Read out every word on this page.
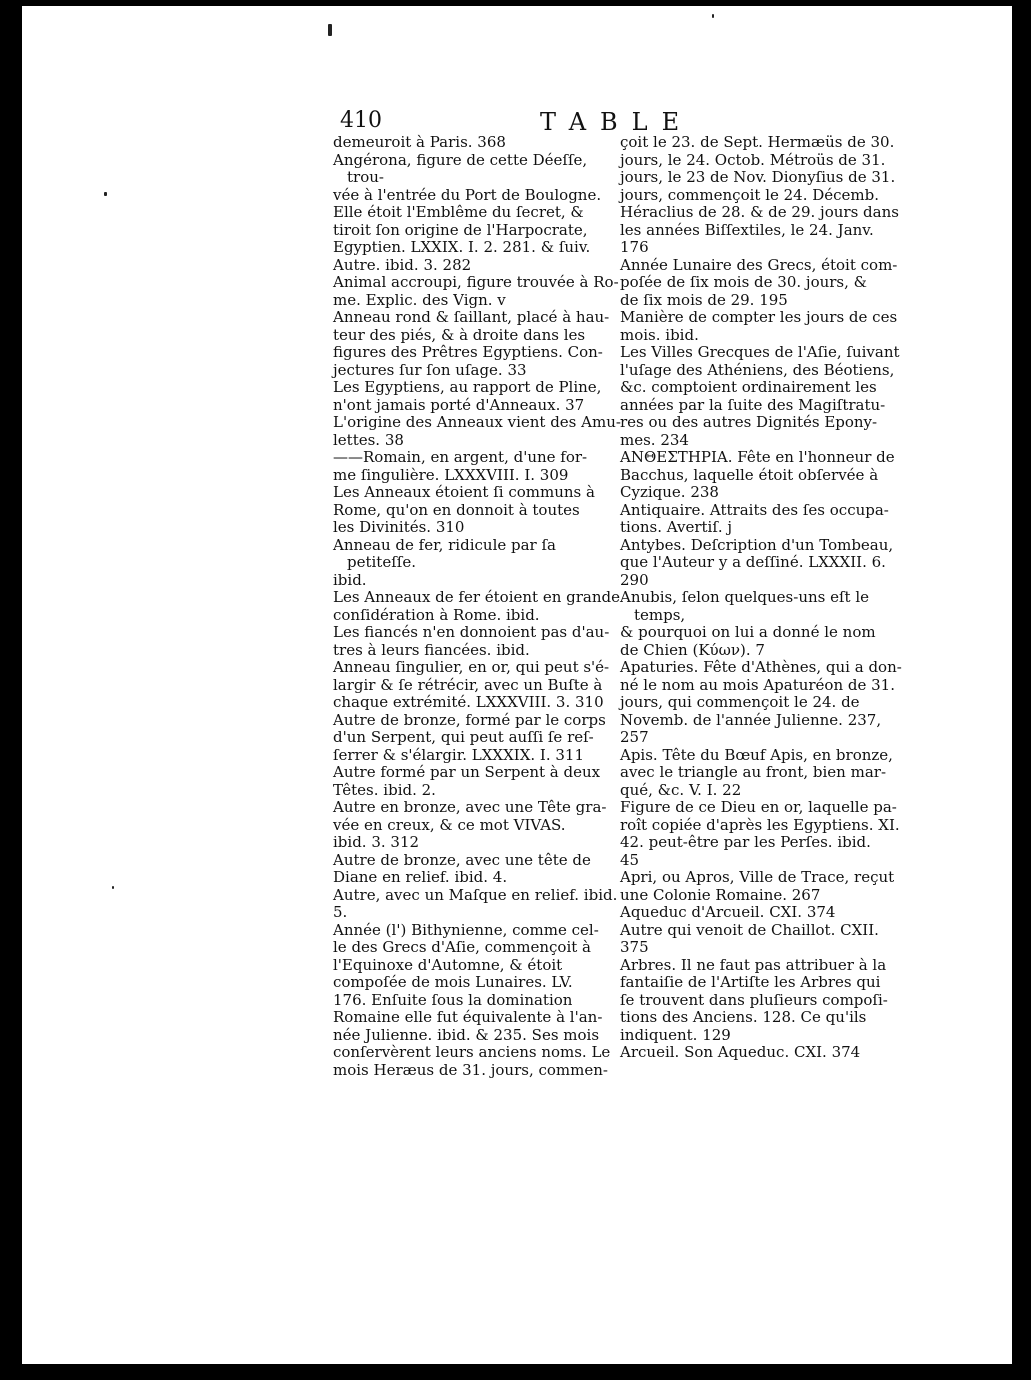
410	TABLE
demeuroit à Paris. 368
Angérona, figure de cette Déeſſe, trou-
vée à l'entrée du Port de Boulogne.
Elle étoit l'Emblême du ſecret, &
tiroit ſon origine de l'Harpocrate,
Egyptien. LXXIX. I. 2. 281. & ſuiv.
Autre. ibid. 3. 282
Animal accroupi, figure trouvée à Ro-
me. Explic. des Vign. v
Anneau rond & ſaillant, placé à hau-
teur des piés, & à droite dans les
figures des Prêtres Egyptiens. Con-
jectures ſur ſon uſage. 33
Les Egyptiens, au rapport de Pline,
n'ont jamais porté d'Anneaux. 37
L'origine des Anneaux vient des Amu-
lettes. 38
——Romain, en argent, d'une for-
me ſingulière. LXXXVIII. I. 309
Les Anneaux étoient ſi communs à
Rome, qu'on en donnoit à toutes
les Divinités. 310
Anneau de fer, ridicule par ſa petiteſſe.
ibid.
Les Anneaux de fer étoient en grande
conſidération à Rome. ibid.
Les fiancés n'en donnoient pas d'au-
tres à leurs fiancées. ibid.
Anneau ſingulier, en or, qui peut s'é-
largir & ſe rétrécir, avec un Buſte à
chaque extrémité. LXXXVIII. 3. 310
Autre de bronze, formé par le corps
d'un Serpent, qui peut auſſi ſe reſ-
ſerrer & s'élargir. LXXXIX. I. 311
Autre formé par un Serpent à deux
Têtes. ibid. 2.
Autre en bronze, avec une Tête gra-
vée en creux, & ce mot VIVAS.
ibid. 3. 312
Autre de bronze, avec une tête de
Diane en relief. ibid. 4.
Autre, avec un Maſque en relief. ibid.
5.
Année (l') Bithynienne, comme cel-
le des Grecs d'Aſie, commençoit à
l'Equinoxe d'Automne, & étoit
compoſée de mois Lunaires. LV.
176. Enſuite ſous la domination
Romaine elle fut équivalente à l'an-
née Julienne. ibid. & 235. Ses mois
conſervèrent leurs anciens noms. Le
mois Heræus de 31. jours, commen-
çoit le 23. de Sept. Hermæüs de 30.
jours, le 24. Octob. Métroüs de 31.
jours, le 23 de Nov. Dionyſius de 31.
jours, commençoit le 24. Décemb.
Héraclius de 28. & de 29. jours dans
les années Biſſextiles, le 24. Janv.
176
Année Lunaire des Grecs, étoit com-
poſée de ſix mois de 30. jours, &
de ſix mois de 29. 195
Manière de compter les jours de ces
mois. ibid.
Les Villes Grecques de l'Aſie, ſuivant
l'uſage des Athéniens, des Béotiens,
&c. comptoient ordinairement les
années par la ſuite des Magiſtratu-
res ou des autres Dignités Epony-
mes. 234
ΑΝΘΕΣΤΗΡΙΑ. Fête en l'honneur de
Bacchus, laquelle étoit obſervée à
Cyzique. 238
Antiquaire. Attraits des ſes occupa-
tions. Avertiſ. j
Antybes. Deſcription d'un Tombeau,
que l'Auteur y a deſſiné. LXXXII. 6.
290
Anubis, ſelon quelques-uns eſt le temps,
& pourquoi on lui a donné le nom
de Chien (Κύων). 7
Apaturies. Fête d'Athènes, qui a don-
né le nom au mois Apaturéon de 31.
jours, qui commençoit le 24. de
Novemb. de l'année Julienne. 237,
257
Apis. Tête du Bœuf Apis, en bronze,
avec le triangle au front, bien mar-
qué, &c. V. I. 22
Figure de ce Dieu en or, laquelle pa-
roît copiée d'après les Egyptiens. XI.
42. peut-être par les Perſes. ibid.
45
Apri, ou Apros, Ville de Trace, reçut
une Colonie Romaine. 267
Aqueduc d'Arcueil. CXI. 374
Autre qui venoit de Chaillot. CXII.
375
Arbres. Il ne faut pas attribuer à la
fantaiſie de l'Artiſte les Arbres qui
ſe trouvent dans pluſieurs compoſi-
tions des Anciens. 128. Ce qu'ils
indiquent. 129
Arcueil. Son Aqueduc. CXI. 374
